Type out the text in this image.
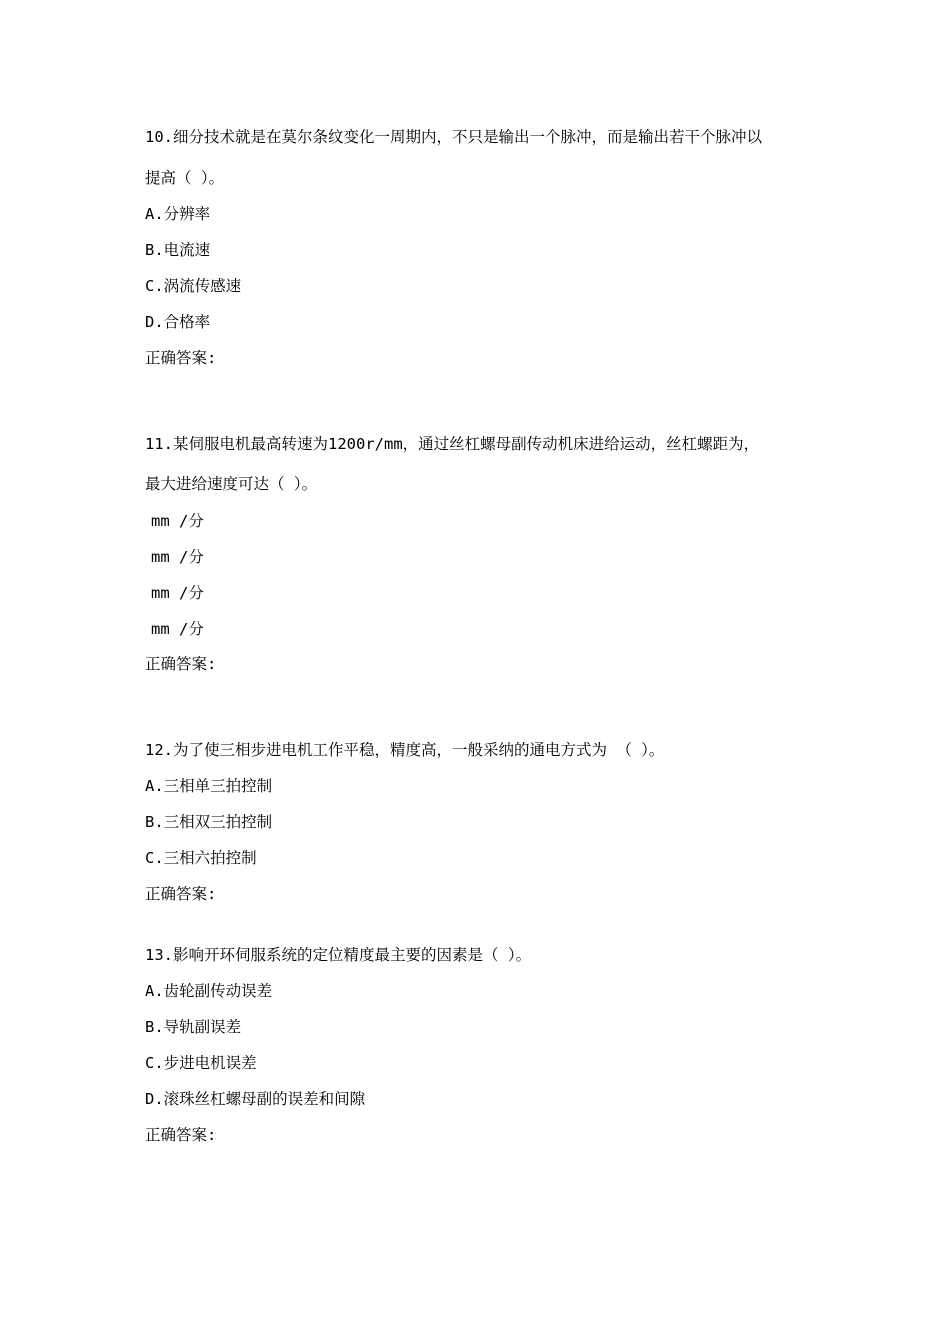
10.细分技术就是在莫尔条纹变化一周期内，不只是输出一个脉冲，而是输出若干个脉冲以
提高（ ）。
A.分辨率
B.电流速
C.涡流传感速
D.合格率
正确答案:
11.某伺服电机最高转速为1200r/mm，通过丝杠螺母副传动机床进给运动，丝杠螺距为，
最大进给速度可达（ ）。
mm /分
mm /分
mm /分
mm /分
正确答案:
12.为了使三相步进电机工作平稳，精度高，一般采纳的通电方式为 （ ）。
A.三相单三拍控制
B.三相双三拍控制
C.三相六拍控制
正确答案:
13.影响开环伺服系统的定位精度最主要的因素是（ ）。
A.齿轮副传动误差
B.导轨副误差
C.步进电机误差
D.滚珠丝杠螺母副的误差和间隙
正确答案:
